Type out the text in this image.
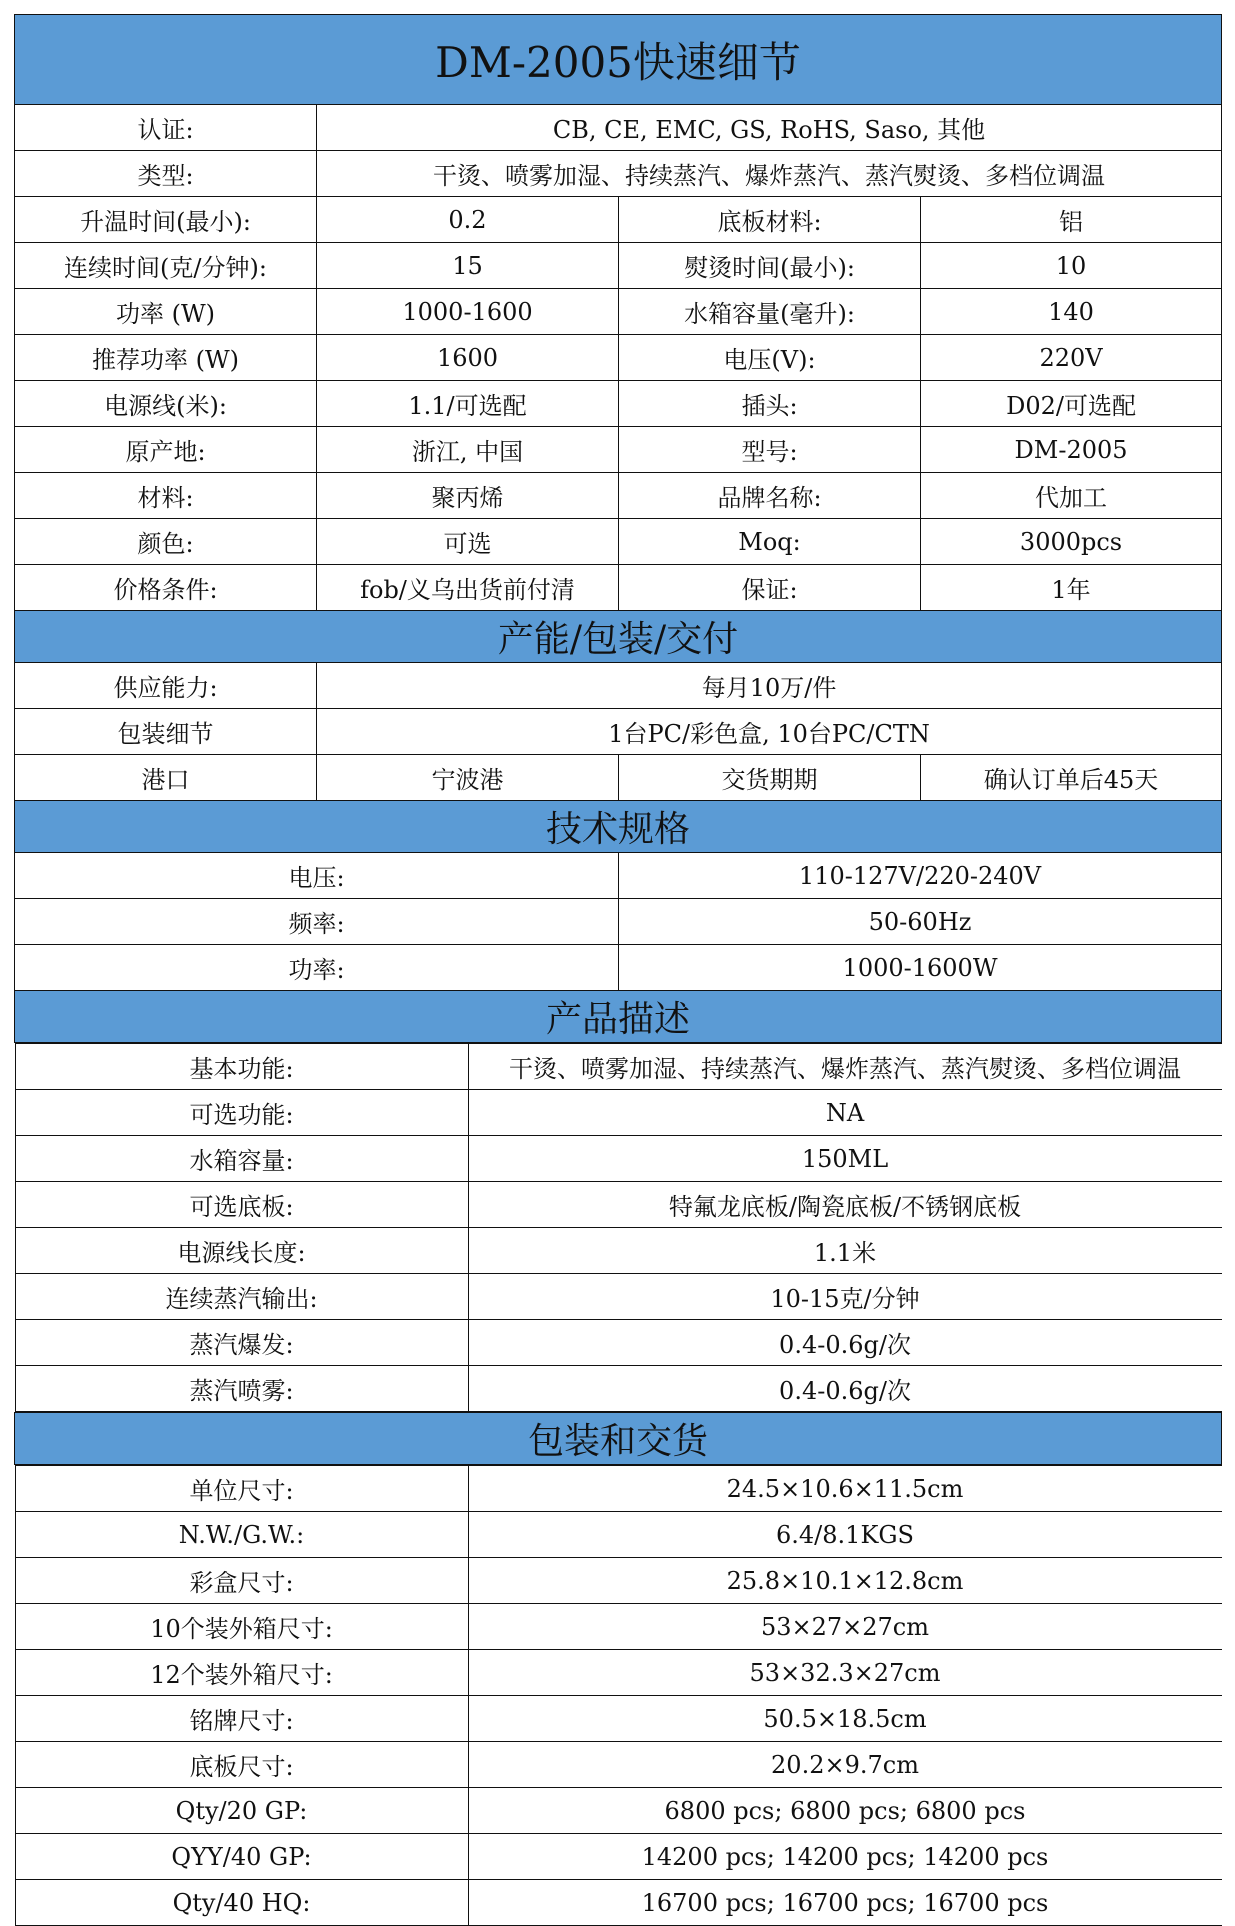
DM-2005快速细节
认证:	CB, CE, EMC, GS, RoHS, Saso, 其他
类型:	干烫、喷雾加湿、持续蒸汽、爆炸蒸汽、蒸汽熨烫、多档位调温
升温时间(最小):	0.2	底板材料:	铝
连续时间(克/分钟):	15	熨烫时间(最小):	10
功率 (W)	1000-1600	水箱容量(毫升):	140
推荐功率 (W)	1600	电压(V):	220V
电源线(米):	1.1/可选配	插头:	D02/可选配
原产地:	浙江, 中国	型号:	DM-2005
材料:	聚丙烯	品牌名称:	代加工
颜色:	可选	Moq:	3000pcs
价格条件:	fob/义乌出货前付清	保证:	1年
产能/包装/交付
供应能力:	每月10万/件
包装细节	1台PC/彩色盒, 10台PC/CTN
港口	宁波港	交货期期	确认订单后45天
技术规格
电压:	110-127V/220-240V
频率:	50-60Hz
功率:	1000-1600W
产品描述

基本功能:	干烫、喷雾加湿、持续蒸汽、爆炸蒸汽、蒸汽熨烫、多档位调温
可选功能:	NA
水箱容量:	150ML
可选底板:	特氟龙底板/陶瓷底板/不锈钢底板
电源线长度:	1.1米
连续蒸汽输出:	10-15克/分钟
蒸汽爆发:	0.4-0.6g/次
蒸汽喷雾:	0.4-0.6g/次

包装和交货

单位尺寸:	24.5×10.6×11.5cm
N.W./G.W.:	6.4/8.1KGS
彩盒尺寸:	25.8×10.1×12.8cm
10个装外箱尺寸:	53×27×27cm
12个装外箱尺寸:	53×32.3×27cm
铭牌尺寸:	50.5×18.5cm
底板尺寸:	20.2×9.7cm
Qty/20 GP:	6800 pcs; 6800 pcs; 6800 pcs
QYY/40 GP:	14200 pcs; 14200 pcs; 14200 pcs
Qty/40 HQ:	16700 pcs; 16700 pcs; 16700 pcs
